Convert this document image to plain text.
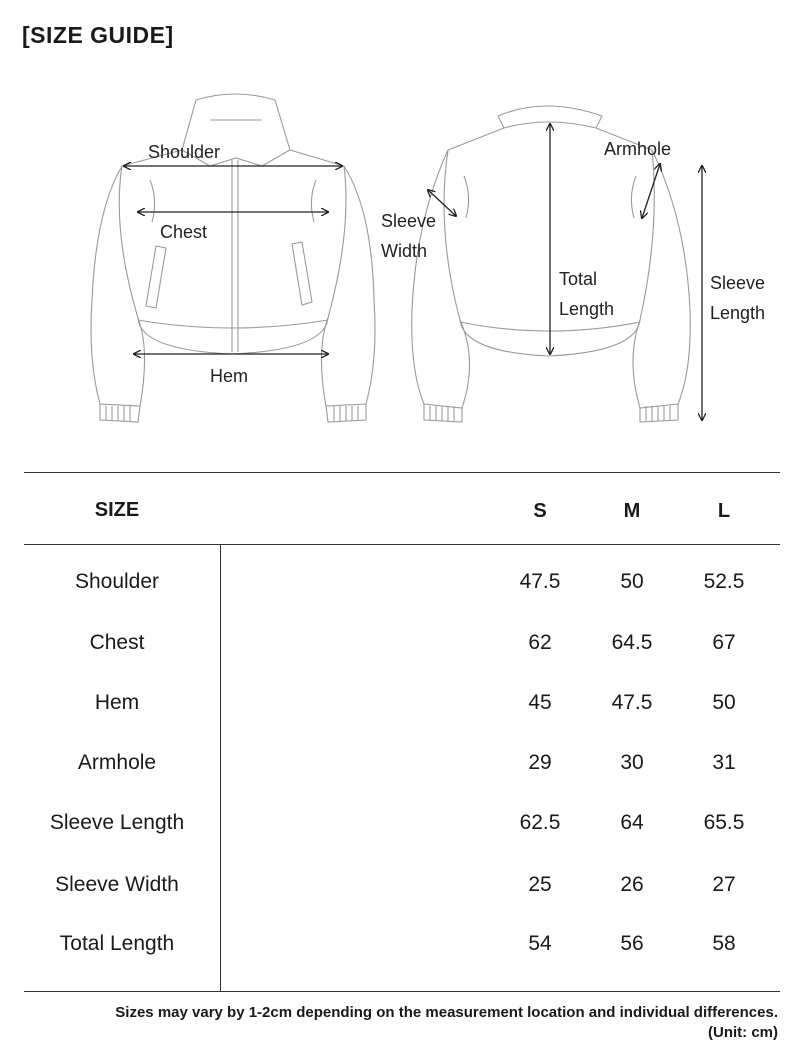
[SIZE GUIDE]
Shoulder
Chest
Hem
Sleeve
Width
Armhole
Total
Length
Sleeve
Length
SIZE	S	M	L
Shoulder	47.5	50	52.5
Chest	62	64.5	67
Hem	45	47.5	50
Armhole	29	30	31
Sleeve Length	62.5	64	65.5
Sleeve Width	25	26	27
Total Length	54	56	58
Sizes may vary by 1-2cm depending on the measurement location and individual differences.
(Unit: cm)
